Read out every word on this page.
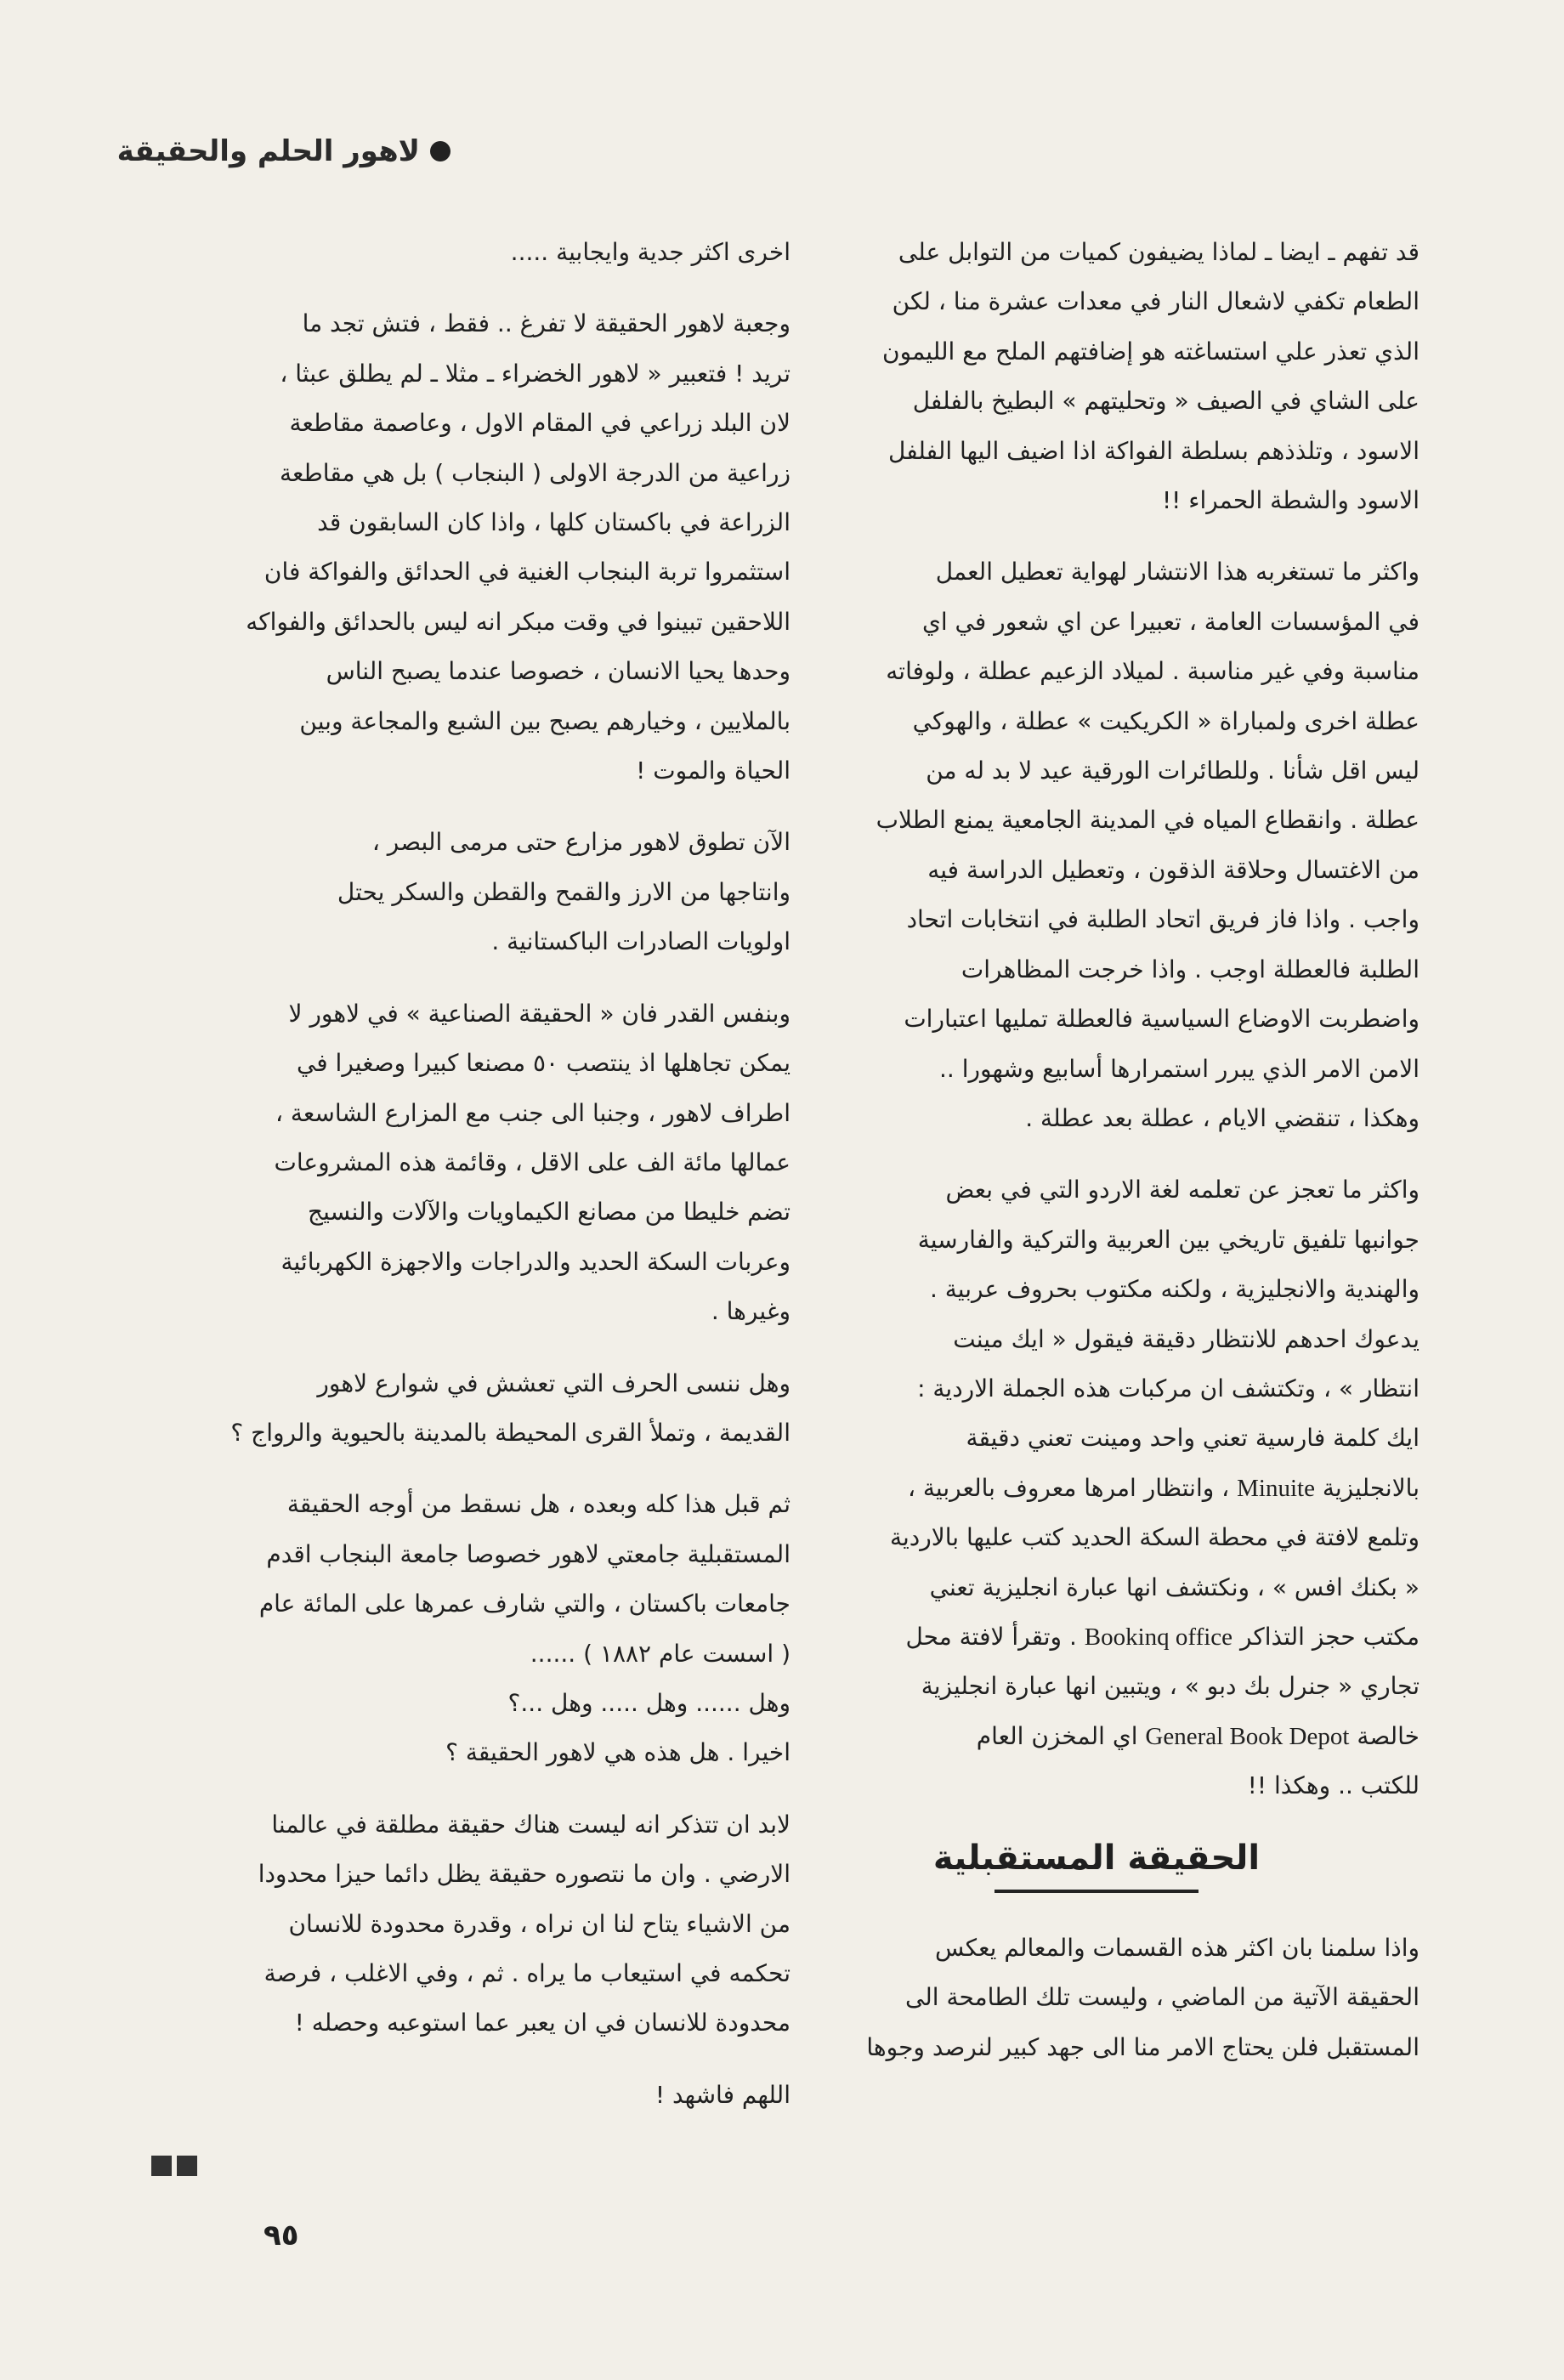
لاهور الحلم والحقيقة

قد تفهم ـ ايضا ـ لماذا يضيفون كميات من التوابل على
الطعام تكفي لاشعال النار في معدات عشرة منا ، لكن
الذي تعذر علي استساغته هو إضافتهم الملح مع الليمون
على الشاي في الصيف « وتحليتهم » البطيخ بالفلفل
الاسود ، وتلذذهم بسلطة الفواكة اذا اضيف اليها الفلفل
الاسود والشطة الحمراء !!

واكثر ما تستغربه هذا الانتشار لهواية تعطيل العمل
في المؤسسات العامة ، تعبيرا عن اي شعور في اي
مناسبة وفي غير مناسبة . لميلاد الزعيم عطلة ، ولوفاته
عطلة اخرى ولمباراة « الكريكيت » عطلة ، والهوكي
ليس اقل شأنا . وللطائرات الورقية عيد لا بد له من
عطلة . وانقطاع المياه في المدينة الجامعية يمنع الطلاب
من الاغتسال وحلاقة الذقون ، وتعطيل الدراسة فيه
واجب . واذا فاز فريق اتحاد الطلبة في انتخابات اتحاد
الطلبة فالعطلة اوجب . واذا خرجت المظاهرات
واضطربت الاوضاع السياسية فالعطلة تمليها اعتبارات
الامن الامر الذي يبرر استمرارها أسابيع وشهورا ..
وهكذا ، تنقضي الايام ، عطلة بعد عطلة .

واكثر ما تعجز عن تعلمه لغة الاردو التي في بعض
جوانبها تلفيق تاريخي بين العربية والتركية والفارسية
والهندية والانجليزية ، ولكنه مكتوب بحروف عربية .
يدعوك احدهم للانتظار دقيقة فيقول « ايك مينت
انتظار » ، وتكتشف ان مركبات هذه الجملة الاردية :
ايك كلمة فارسية تعني واحد ومينت تعني دقيقة
بالانجليزية Minuite ، وانتظار امرها معروف بالعربية ،
وتلمع لافتة في محطة السكة الحديد كتب عليها بالاردية
« بكنك افس » ، ونكتشف انها عبارة انجليزية تعني
مكتب حجز التذاكر Bookinq office . وتقرأ لافتة محل
تجاري « جنرل بك دبو » ، ويتبين انها عبارة انجليزية
خالصة General Book Depot اي المخزن العام
للكتب .. وهكذا !!

الحقيقة المستقبلية

واذا سلمنا بان اكثر هذه القسمات والمعالم يعكس
الحقيقة الآتية من الماضي ، وليست تلك الطامحة الى
المستقبل فلن يحتاج الامر منا الى جهد كبير لنرصد وجوها

اخرى اكثر جدية وايجابية .....

وجعبة لاهور الحقيقة لا تفرغ .. فقط ، فتش تجد ما
تريد ! فتعبير « لاهور الخضراء ـ مثلا ـ لم يطلق عبثا ،
لان البلد زراعي في المقام الاول ، وعاصمة مقاطعة
زراعية من الدرجة الاولى ( البنجاب ) بل هي مقاطعة
الزراعة في باكستان كلها ، واذا كان السابقون قد
استثمروا تربة البنجاب الغنية في الحدائق والفواكة فان
اللاحقين تبينوا في وقت مبكر انه ليس بالحدائق والفواكه
وحدها يحيا الانسان ، خصوصا عندما يصبح الناس
بالملايين ، وخيارهم يصبح بين الشبع والمجاعة وبين
الحياة والموت !

الآن تطوق لاهور مزارع حتى مرمى البصر ،
وانتاجها من الارز والقمح والقطن والسكر يحتل
اولويات الصادرات الباكستانية .

وبنفس القدر فان « الحقيقة الصناعية » في لاهور لا
يمكن تجاهلها اذ ينتصب ٥٠ مصنعا كبيرا وصغيرا في
اطراف لاهور ، وجنبا الى جنب مع المزارع الشاسعة ،
عمالها مائة الف على الاقل ، وقائمة هذه المشروعات
تضم خليطا من مصانع الكيماويات والآلات والنسيج
وعربات السكة الحديد والدراجات والاجهزة الكهربائية
وغيرها .

وهل ننسى الحرف التي تعشش في شوارع لاهور
القديمة ، وتملأ القرى المحيطة بالمدينة بالحيوية والرواج ؟

ثم قبل هذا كله وبعده ، هل نسقط من أوجه الحقيقة
المستقبلية جامعتي لاهور خصوصا جامعة البنجاب اقدم
جامعات باكستان ، والتي شارف عمرها على المائة عام
( اسست عام ١٨٨٢ ) ......
وهل ...... وهل ..... وهل ...؟
اخيرا . هل هذه هي لاهور الحقيقة ؟

لابد ان تتذكر انه ليست هناك حقيقة مطلقة في عالمنا
الارضي . وان ما نتصوره حقيقة يظل دائما حيزا محدودا
من الاشياء يتاح لنا ان نراه ، وقدرة محدودة للانسان
تحكمه في استيعاب ما يراه . ثم ، وفي الاغلب ، فرصة
محدودة للانسان في ان يعبر عما استوعبه وحصله !

اللهم فاشهد !

٩٥
